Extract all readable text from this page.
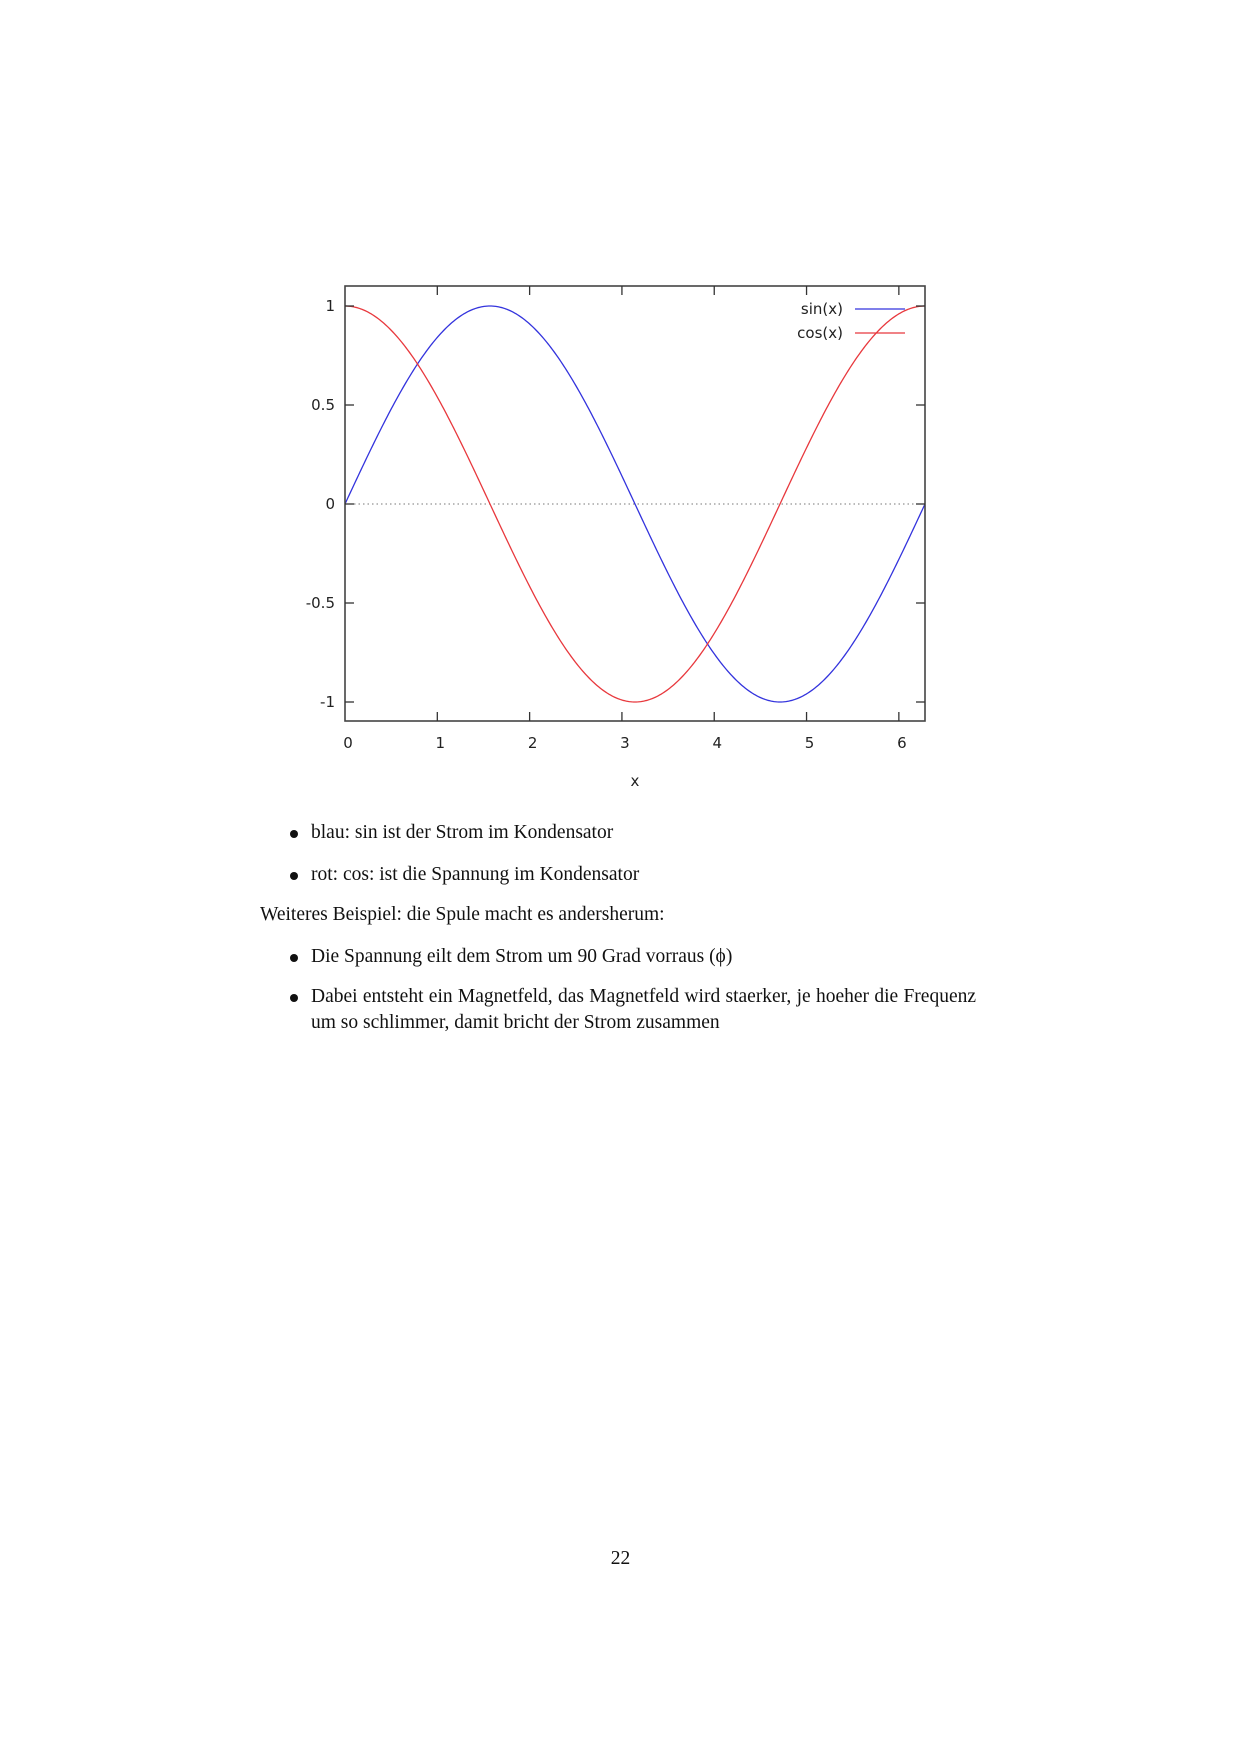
0	1	2	3	4	5	6
1
0.5
0
-0.5
-1
x
sin(x)
cos(x)
blau: sin ist der Strom im Kondensator
rot: cos: ist die Spannung im Kondensator
Weiteres Beispiel: die Spule macht es andersherum:
Die Spannung eilt dem Strom um 90 Grad vorraus (ϕ)
Dabei entsteht ein Magnetfeld, das Magnetfeld wird staerker, je hoeher die Frequenz um so schlimmer, damit bricht der Strom zusammen
22
